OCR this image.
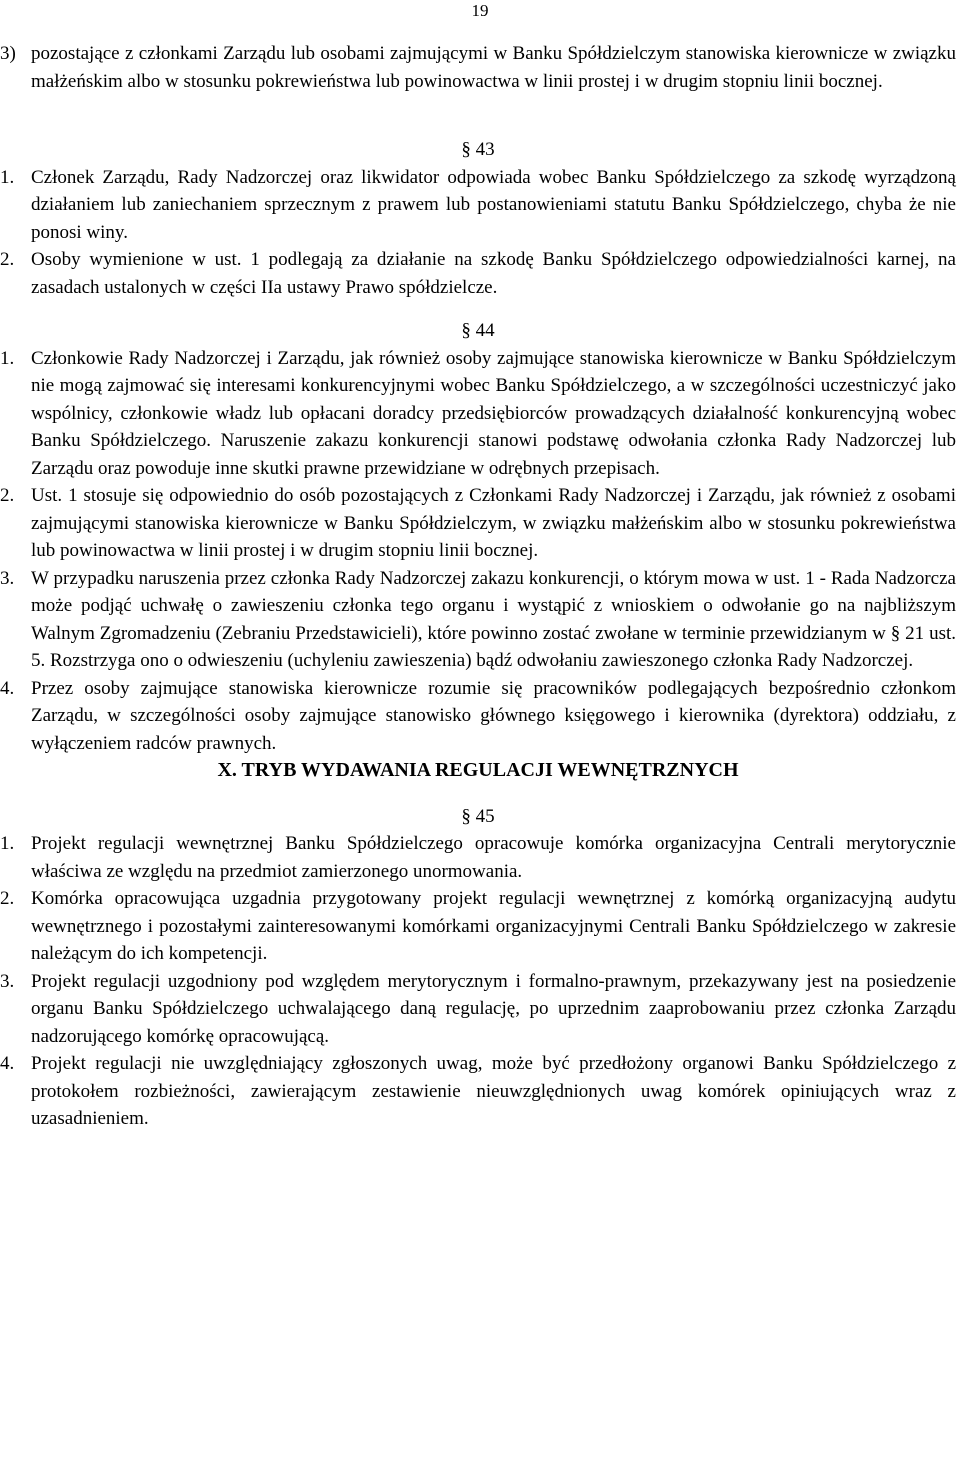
19
3) pozostające z członkami Zarządu lub osobami zajmującymi w Banku Spółdzielczym stanowiska kierownicze w związku małżeńskim albo w stosunku pokrewieństwa lub powinowactwa w linii prostej i w drugim stopniu linii bocznej.

§ 43

1. Członek Zarządu, Rady Nadzorczej oraz likwidator odpowiada wobec Banku Spółdzielczego za szkodę wyrządzoną działaniem lub zaniechaniem sprzecznym z prawem lub postanowieniami statutu Banku Spółdzielczego, chyba że nie ponosi winy.
2. Osoby wymienione w ust. 1 podlegają za działanie na szkodę Banku Spółdzielczego odpowiedzialności karnej, na zasadach ustalonych w części IIa ustawy Prawo spółdzielcze.

§ 44

1. Członkowie Rady Nadzorczej i Zarządu, jak również osoby zajmujące stanowiska kierownicze w Banku Spółdzielczym nie mogą zajmować się interesami konkurencyjnymi wobec Banku Spółdzielczego, a w szczególności uczestniczyć jako wspólnicy, członkowie władz lub opłacani doradcy przedsiębiorców prowadzących działalność konkurencyjną wobec Banku Spółdzielczego. Naruszenie zakazu konkurencji stanowi podstawę odwołania członka Rady Nadzorczej lub Zarządu oraz powoduje inne skutki prawne przewidziane w odrębnych przepisach.
2. Ust. 1 stosuje się odpowiednio do osób pozostających z Członkami Rady Nadzorczej i Zarządu, jak również z osobami zajmującymi stanowiska kierownicze w Banku Spółdzielczym, w związku małżeńskim albo w stosunku pokrewieństwa lub powinowactwa w linii prostej i w drugim stopniu linii bocznej.
3. W przypadku naruszenia przez członka Rady Nadzorczej zakazu konkurencji, o którym mowa w ust. 1 - Rada Nadzorcza może podjąć uchwałę o zawieszeniu członka tego organu i wystąpić z wnioskiem o odwołanie go na najbliższym Walnym Zgromadzeniu (Zebraniu Przedstawicieli), które powinno zostać zwołane w terminie przewidzianym w § 21 ust. 5. Rozstrzyga ono o odwieszeniu (uchyleniu zawieszenia) bądź odwołaniu zawieszonego członka Rady Nadzorczej.
4. Przez osoby zajmujące stanowiska kierownicze rozumie się pracowników podlegających bezpośrednio członkom Zarządu, w szczególności osoby zajmujące stanowisko głównego księgowego i kierownika (dyrektora) oddziału, z wyłączeniem radców prawnych.

X. TRYB WYDAWANIA REGULACJI WEWNĘTRZNYCH

§ 45

1. Projekt regulacji wewnętrznej Banku Spółdzielczego opracowuje komórka organizacyjna Centrali merytorycznie właściwa ze względu na przedmiot zamierzonego unormowania.
2. Komórka opracowująca uzgadnia przygotowany projekt regulacji wewnętrznej z komórką organizacyjną audytu wewnętrznego i pozostałymi zainteresowanymi komórkami organizacyjnymi Centrali Banku Spółdzielczego w zakresie należącym do ich kompetencji.
3. Projekt regulacji uzgodniony pod względem merytorycznym i formalno-prawnym, przekazywany jest na posiedzenie organu Banku Spółdzielczego uchwalającego daną regulację, po uprzednim zaaprobowaniu przez członka Zarządu nadzorującego komórkę opracowującą.
4. Projekt regulacji nie uwzględniający zgłoszonych uwag, może być przedłożony organowi Banku Spółdzielczego z protokołem rozbieżności, zawierającym zestawienie nieuwzględnionych uwag komórek opiniujących wraz z uzasadnieniem.
